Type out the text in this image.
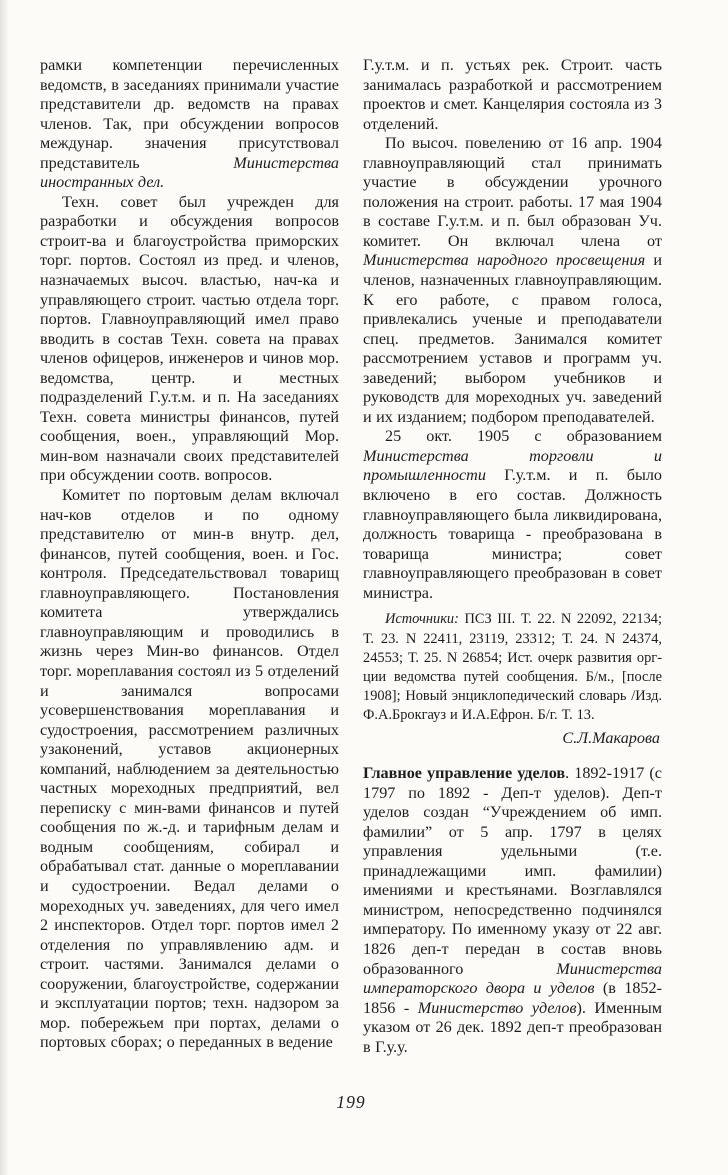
рамки компетенции перечисленных ведомств, в заседаниях принимали участие представители др. ведомств на правах членов. Так, при обсуждении вопросов междунар. значения присутствовал представитель Министерства иностранных дел.

Техн. совет был учрежден для разработки и обсуждения вопросов строит-ва и благоустройства приморских торг. портов. Состоял из пред. и членов, назначаемых высоч. властью, нач-ка и управляющего строит. частью отдела торг. портов. Главноуправляющий имел право вводить в состав Техн. совета на правах членов офицеров, инженеров и чинов мор. ведомства, центр. и местных подразделений Г.у.т.м. и п. На заседаниях Техн. совета министры финансов, путей сообщения, воен., управляющий Мор. мин-вом назначали своих представителей при обсуждении соотв. вопросов.

Комитет по портовым делам включал нач-ков отделов и по одному представителю от мин-в внутр. дел, финансов, путей сообщения, воен. и Гос. контроля. Председательствовал товарищ главноуправляющего. Постановления комитета утверждались главноуправляющим и проводились в жизнь через Мин-во финансов. Отдел торг. мореплавания состоял из 5 отделений и занимался вопросами усовершенствования мореплавания и судостроения, рассмотрением различных узаконений, уставов акционерных компаний, наблюдением за деятельностью частных мореходных предприятий, вел переписку с мин-вами финансов и путей сообщения по ж.-д. и тарифным делам и водным сообщениям, собирал и обрабатывал стат. данные о мореплавании и судостроении. Ведал делами о мореходных уч. заведениях, для чего имел 2 инспекторов. Отдел торг. портов имел 2 отделения по управлявлению адм. и строит. частями. Занимался делами о сооружении, благоустройстве, содержании и эксплуатации портов; техн. надзором за мор. побережьем при портах, делами о портовых сборах; о переданных в ведение

Г.у.т.м. и п. устьях рек. Строит. часть занималась разработкой и рассмотрением проектов и смет. Канцелярия состояла из 3 отделений.

По высоч. повелению от 16 апр. 1904 главноуправляющий стал принимать участие в обсуждении урочного положения на строит. работы. 17 мая 1904 в составе Г.у.т.м. и п. был образован Уч. комитет. Он включал члена от Министерства народного просвещения и членов, назначенных главноуправляющим. К его работе, с правом голоса, привлекались ученые и преподаватели спец. предметов. Занимался комитет рассмотрением уставов и программ уч. заведений; выбором учебников и руководств для мореходных уч. заведений и их изданием; подбором преподавателей.

25 окт. 1905 с образованием Министерства торговли и промышленности Г.у.т.м. и п. было включено в его состав. Должность главноуправляющего была ликвидирована, должность товарища - преобразована в товарища министра; совет главноуправляющего преобразован в совет министра.

Источники: ПСЗ III. Т. 22. N 22092, 22134; Т. 23. N 22411, 23119, 23312; Т. 24. N 24374, 24553; Т. 25. N 26854; Ист. очерк развития орг-ции ведомства путей сообщения. Б/м., [после 1908]; Новый энциклопедический словарь /Изд. Ф.А.Брокгауз и И.А.Ефрон. Б/г. Т. 13.

С.Л.Макарова

Главное управление уделов. 1892-1917 (с 1797 по 1892 - Деп-т уделов). Деп-т уделов создан “Учреждением об имп. фамилии” от 5 апр. 1797 в целях управления удельными (т.е. принадлежащими имп. фамилии) имениями и крестьянами. Возглавлялся министром, непосредственно подчинялся императору. По именному указу от 22 авг. 1826 деп-т передан в состав вновь образованного Министерства императорского двора и уделов (в 1852-1856 - Министерство уделов). Именным указом от 26 дек. 1892 деп-т преобразован в Г.у.у.

199
